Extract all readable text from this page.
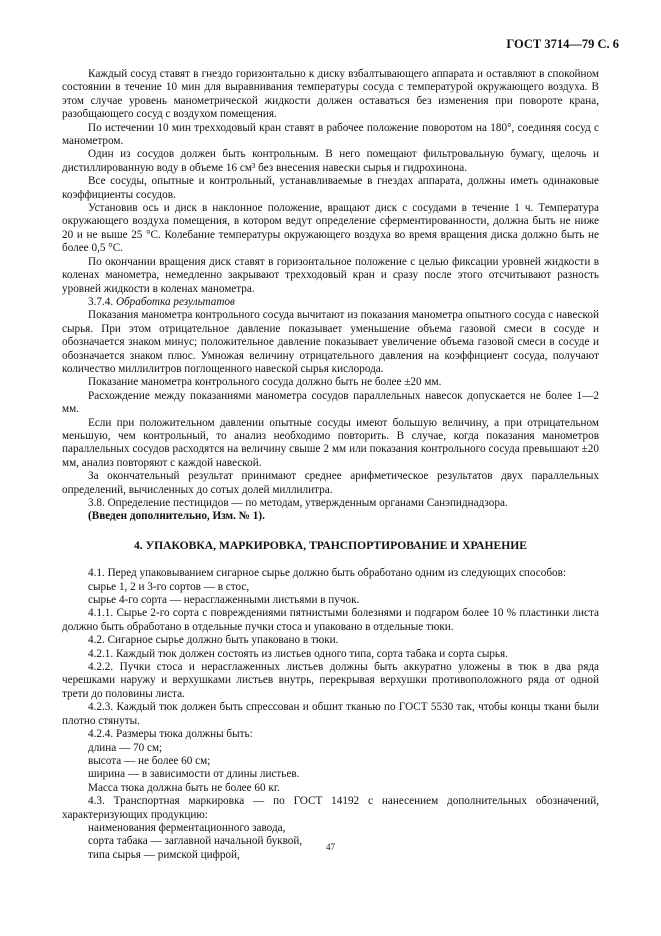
ГОСТ 3714—79 С. 6

Каждый сосуд ставят в гнездо горизонтально к диску взбалтывающего аппарата и оставляют в спокойном состоянии в течение 10 мин для выравнивания температуры сосуда с температурой окружающего воздуха. В этом случае уровень манометрической жидкости должен оставаться без изменения при повороте крана, разобщающего сосуд с воздухом помещения.

По истечении 10 мин трехходовый кран ставят в рабочее положение поворотом на 180°, соединяя сосуд с манометром.

Один из сосудов должен быть контрольным. В него помещают фильтровальную бумагу, щелочь и дистиллированную воду в объеме 16 см³ без внесения навески сырья и гидрохинона.

Все сосуды, опытные и контрольный, устанавливаемые в гнездах аппарата, должны иметь одинаковые коэффициенты сосудов.

Установив ось и диск в наклонное положение, вращают диск с сосудами в течение 1 ч. Температура окружающего воздуха помещения, в котором ведут определение сферментированности, должна быть не ниже 20 и не выше 25 °С. Колебание температуры окружающего воздуха во время вращения диска должно быть не более 0,5 °С.

По окончании вращения диск ставят в горизонтальное положение с целью фиксации уровней жидкости в коленах манометра, немедленно закрывают трехходовый кран и сразу после этого отсчитывают разность уровней жидкости в коленах манометра.

3.7.4. Обработка результатов

Показания манометра контрольного сосуда вычитают из показания манометра опытного сосуда с навеской сырья. При этом отрицательное давление показывает уменьшение объема газовой смеси в сосуде и обозначается знаком минус; положительное давление показывает увеличение объема газовой смеси в сосуде и обозначается знаком плюс. Умножая величину отрицательного давления на коэффициент сосуда, получают количество миллилитров поглощенного навеской сырья кислорода.

Показание манометра контрольного сосуда должно быть не более ±20 мм.

Расхождение между показаниями манометра сосудов параллельных навесок допускается не более 1—2 мм.

Если при положительном давлении опытные сосуды имеют большую величину, а при отрицательном меньшую, чем контрольный, то анализ необходимо повторить. В случае, когда показания манометров параллельных сосудов расходятся на величину свыше 2 мм или показания контрольного сосуда превышают ±20 мм, анализ повторяют с каждой навеской.

За окончательный результат принимают среднее арифметическое результатов двух параллельных определений, вычисленных до сотых долей миллилитра.

3.8. Определение пестицидов — по методам, утвержденным органами Санэпиднадзора.

(Введен дополнительно, Изм. № 1).

4. УПАКОВКА, МАРКИРОВКА, ТРАНСПОРТИРОВАНИЕ И ХРАНЕНИЕ

4.1. Перед упаковыванием сигарное сырье должно быть обработано одним из следующих способов:

сырье 1, 2 и 3-го сортов — в стос,

сырье 4-го сорта — нерасглаженными листьями в пучок.

4.1.1. Сырье 2-го сорта с повреждениями пятнистыми болезнями и подгаром более 10 % пластинки листа должно быть обработано в отдельные пучки стоса и упаковано в отдельные тюки.

4.2. Сигарное сырье должно быть упаковано в тюки.

4.2.1. Каждый тюк должен состоять из листьев одного типа, сорта табака и сорта сырья.

4.2.2. Пучки стоса и нерасглаженных листьев должны быть аккуратно уложены в тюк в два ряда черешками наружу и верхушками листьев внутрь, перекрывая верхушки противоположного ряда от одной трети до половины листа.

4.2.3. Каждый тюк должен быть спрессован и обшит тканью по ГОСТ 5530 так, чтобы концы ткани были плотно стянуты.

4.2.4. Размеры тюка должны быть:

длина — 70 см;

высота — не более 60 см;

ширина — в зависимости от длины листьев.

Масса тюка должна быть не более 60 кг.

4.3. Транспортная маркировка — по ГОСТ 14192 с нанесением дополнительных обозначений, характеризующих продукцию:

наименования ферментационного завода,

сорта табака — заглавной начальной буквой,

типа сырья — римской цифрой,

47
